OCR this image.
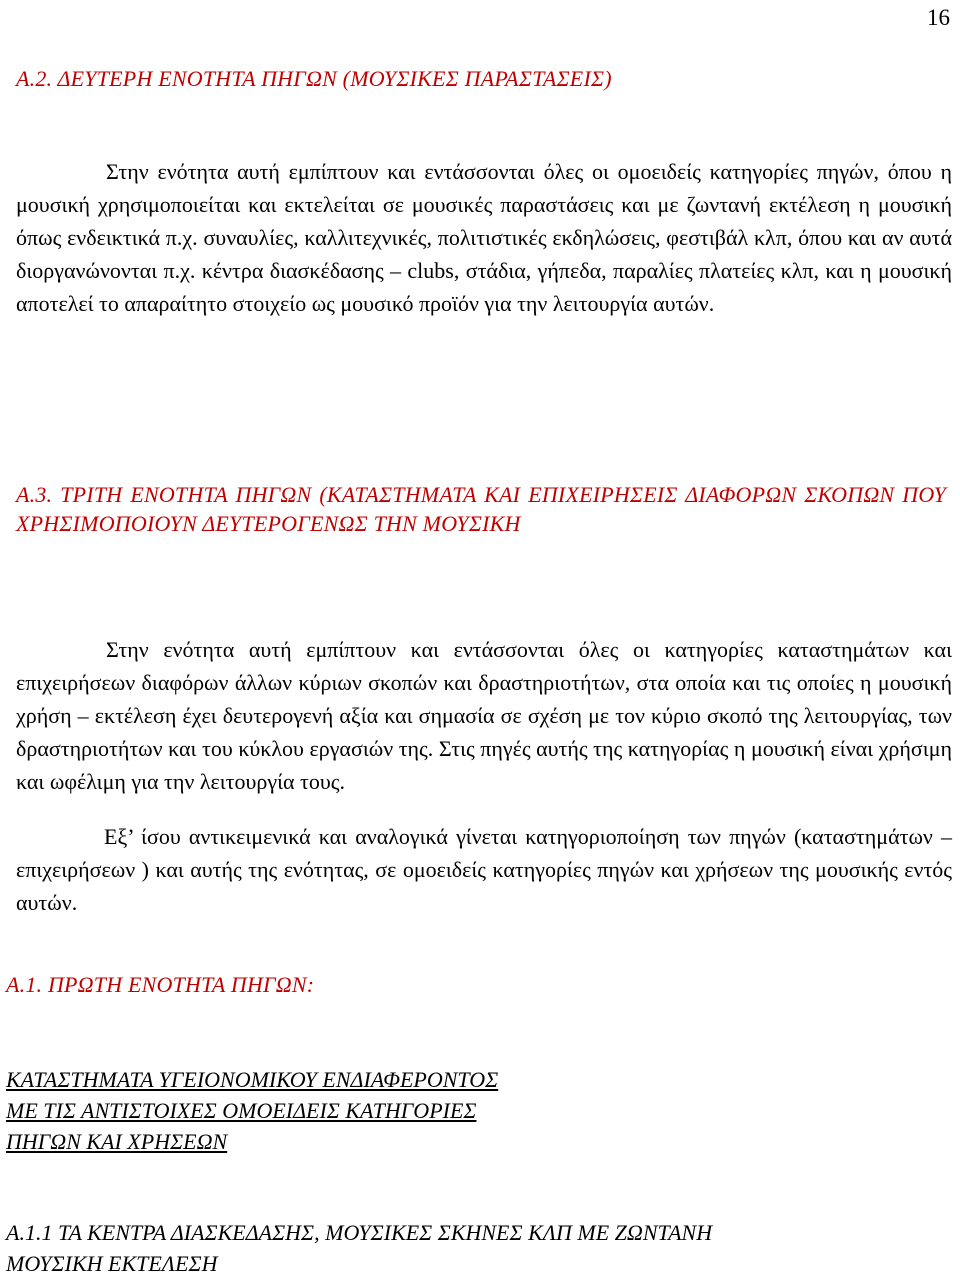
16
Α.2. ΔΕΥΤΕΡΗ ΕΝΟΤΗΤΑ ΠΗΓΩΝ (ΜΟΥΣΙΚΕΣ ΠΑΡΑΣΤΑΣΕΙΣ)
Στην ενότητα αυτή εμπίπτουν και εντάσσονται όλες οι ομοειδείς κατηγορίες πηγών, όπου η μουσική χρησιμοποιείται και εκτελείται σε μουσικές παραστάσεις και με ζωντανή εκτέλεση η μουσική όπως ενδεικτικά π.χ. συναυλίες, καλλιτεχνικές, πολιτιστικές εκδηλώσεις, φεστιβάλ κλπ, όπου και αν αυτά διοργανώνονται π.χ. κέντρα διασκέδασης – clubs, στάδια, γήπεδα, παραλίες πλατείες κλπ, και η μουσική αποτελεί το απαραίτητο στοιχείο ως μουσικό προϊόν για την λειτουργία αυτών.
Α.3. ΤΡΙΤΗ ΕΝΟΤΗΤΑ ΠΗΓΩΝ (ΚΑΤΑΣΤΗΜΑΤΑ ΚΑΙ ΕΠΙΧΕΙΡΗΣΕΙΣ ΔΙΑΦΟΡΩΝ ΣΚΟΠΩΝ ΠΟΥ ΧΡΗΣΙΜΟΠΟΙΟΥΝ ΔΕΥΤΕΡΟΓΕΝΩΣ ΤΗΝ ΜΟΥΣΙΚΗ
Στην ενότητα αυτή εμπίπτουν και εντάσσονται όλες οι κατηγορίες καταστημάτων και επιχειρήσεων διαφόρων άλλων κύριων σκοπών και δραστηριοτήτων, στα οποία και τις οποίες η μουσική χρήση – εκτέλεση έχει δευτερογενή αξία και σημασία σε σχέση με τον κύριο σκοπό της λειτουργίας, των δραστηριοτήτων και του κύκλου εργασιών της. Στις πηγές αυτής της κατηγορίας η μουσική είναι χρήσιμη και ωφέλιμη για την λειτουργία τους.
Εξ’ ίσου αντικειμενικά και αναλογικά γίνεται κατηγοριοποίηση των πηγών (καταστημάτων –επιχειρήσεων ) και αυτής της ενότητας, σε ομοειδείς κατηγορίες πηγών και χρήσεων της μουσικής εντός αυτών.
Α.1. ΠΡΩΤΗ ΕΝΟΤΗΤΑ ΠΗΓΩΝ:
ΚΑΤΑΣΤΗΜΑΤΑ ΥΓΕΙΟΝΟΜΙΚΟΥ ΕΝΔΙΑΦΕΡΟΝΤΟΣ
ΜΕ ΤΙΣ ΑΝΤΙΣΤΟΙΧΕΣ ΟΜΟΕΙΔΕΙΣ ΚΑΤΗΓΟΡΙΕΣ
ΠΗΓΩΝ ΚΑΙ ΧΡΗΣΕΩΝ
Α.1.1 ΤΑ ΚΕΝΤΡΑ ΔΙΑΣΚΕΔΑΣΗΣ, ΜΟΥΣΙΚΕΣ ΣΚΗΝΕΣ ΚΛΠ ΜΕ ΖΩΝΤΑΝΗ
ΜΟΥΣΙΚΗ ΕΚΤΕΛΕΣΗ
